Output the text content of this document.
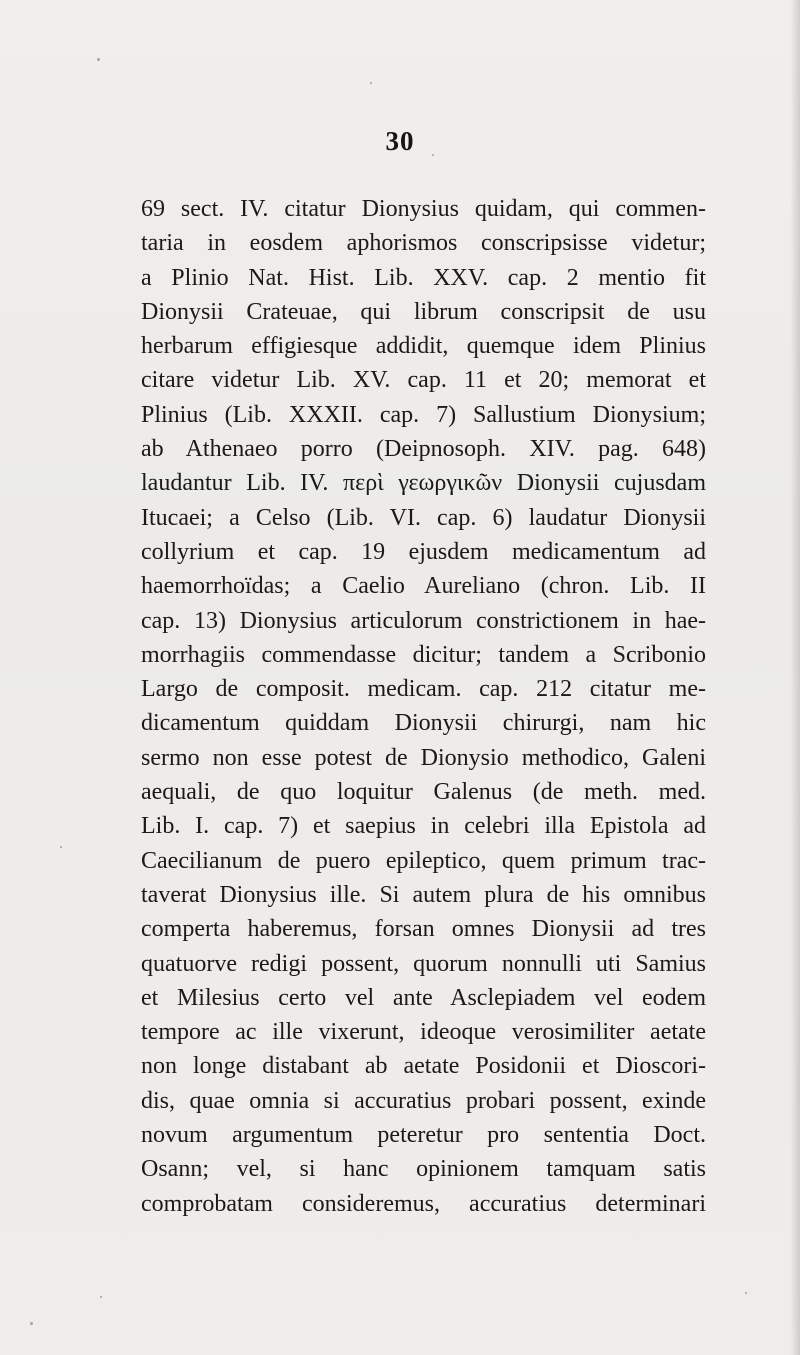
30
69 sect. IV. citatur Dionysius quidam, qui commen-
taria in eosdem aphorismos conscripsisse videtur;
a Plinio Nat. Hist. Lib. XXV. cap. 2 mentio fit
Dionysii Crateuae, qui librum conscripsit de usu
herbarum effigiesque addidit, quemque idem Plinius
citare videtur Lib. XV. cap. 11 et 20; memorat et
Plinius (Lib. XXXII. cap. 7) Sallustium Dionysium;
ab Athenaeo porro (Deipnosoph. XIV. pag. 648)
laudantur Lib. IV. περὶ γεωργικῶν Dionysii cujusdam
Itucaei; a Celso (Lib. VI. cap. 6) laudatur Dionysii
collyrium et cap. 19 ejusdem medicamentum ad
haemorrhoïdas; a Caelio Aureliano (chron. Lib. II
cap. 13) Dionysius articulorum constrictionem in hae-
morrhagiis commendasse dicitur; tandem a Scribonio
Largo de composit. medicam. cap. 212 citatur me-
dicamentum quiddam Dionysii chirurgi, nam hic
sermo non esse potest de Dionysio methodico, Galeni
aequali, de quo loquitur Galenus (de meth. med.
Lib. I. cap. 7) et saepius in celebri illa Epistola ad
Caecilianum de puero epileptico, quem primum trac-
taverat Dionysius ille. Si autem plura de his omnibus
comperta haberemus, forsan omnes Dionysii ad tres
quatuorve redigi possent, quorum nonnulli uti Samius
et Milesius certo vel ante Asclepiadem vel eodem
tempore ac ille vixerunt, ideoque verosimiliter aetate
non longe distabant ab aetate Posidonii et Dioscori-
dis, quae omnia si accuratius probari possent, exinde
novum argumentum peteretur pro sententia Doct.
Osann; vel, si hanc opinionem tamquam satis
comprobatam consideremus, accuratius determinari
